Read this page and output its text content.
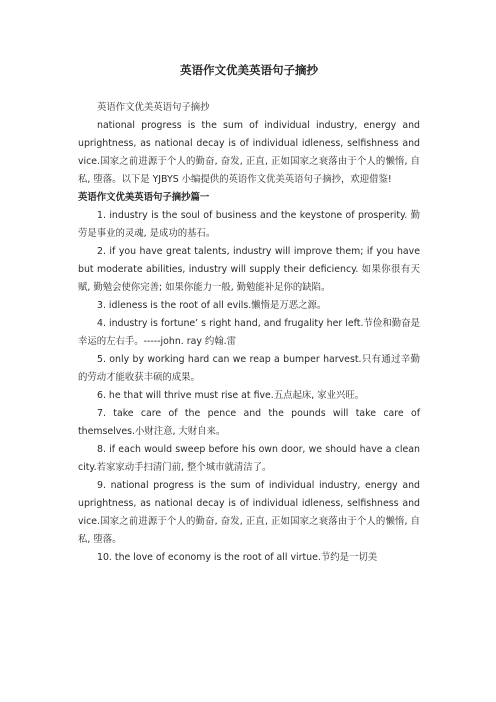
英语作文优美英语句子摘抄

英语作文优美英语句子摘抄

national progress is the sum of individual industry, energy and uprightness, as national decay is of individual idleness, selfishness and vice.国家之前进源于个人的勤奋, 奋发, 正直, 正如国家之衰落由于个人的懒惰, 自私, 堕落。以下是 YJBYS 小编提供的英语作文优美英语句子摘抄，欢迎借鉴!

英语作文优美英语句子摘抄篇一

1. industry is the soul of business and the keystone of prosperity. 勤劳是事业的灵魂, 是成功的基石。

2. if you have great talents, industry will improve them; if you have but moderate abilities, industry will supply their deficiency. 如果你很有天赋, 勤勉会使你完善; 如果你能力一般, 勤勉能补足你的缺陷。

3. idleness is the root of all evils.懒惰是万恶之源。

4. industry is fortune’ s right hand, and frugality her left.节俭和勤奋是幸运的左右手。-----john. ray 约翰.雷

5. only by working hard can we reap a bumper harvest.只有通过辛勤的劳动才能收获丰硕的成果。

6. he that will thrive must rise at five.五点起床, 家业兴旺。

7. take care of the pence and the pounds will take care of themselves.小财注意, 大财自来。

8. if each would sweep before his own door, we should have a clean city.若家家动手扫清门前, 整个城市就清洁了。

9. national progress is the sum of individual industry, energy and uprightness, as national decay is of individual idleness, selfishness and vice.国家之前进源于个人的勤奋, 奋发, 正直, 正如国家之衰落由于个人的懒惰, 自私, 堕落。

10. the love of economy is the root of all virtue.节约是一切美
